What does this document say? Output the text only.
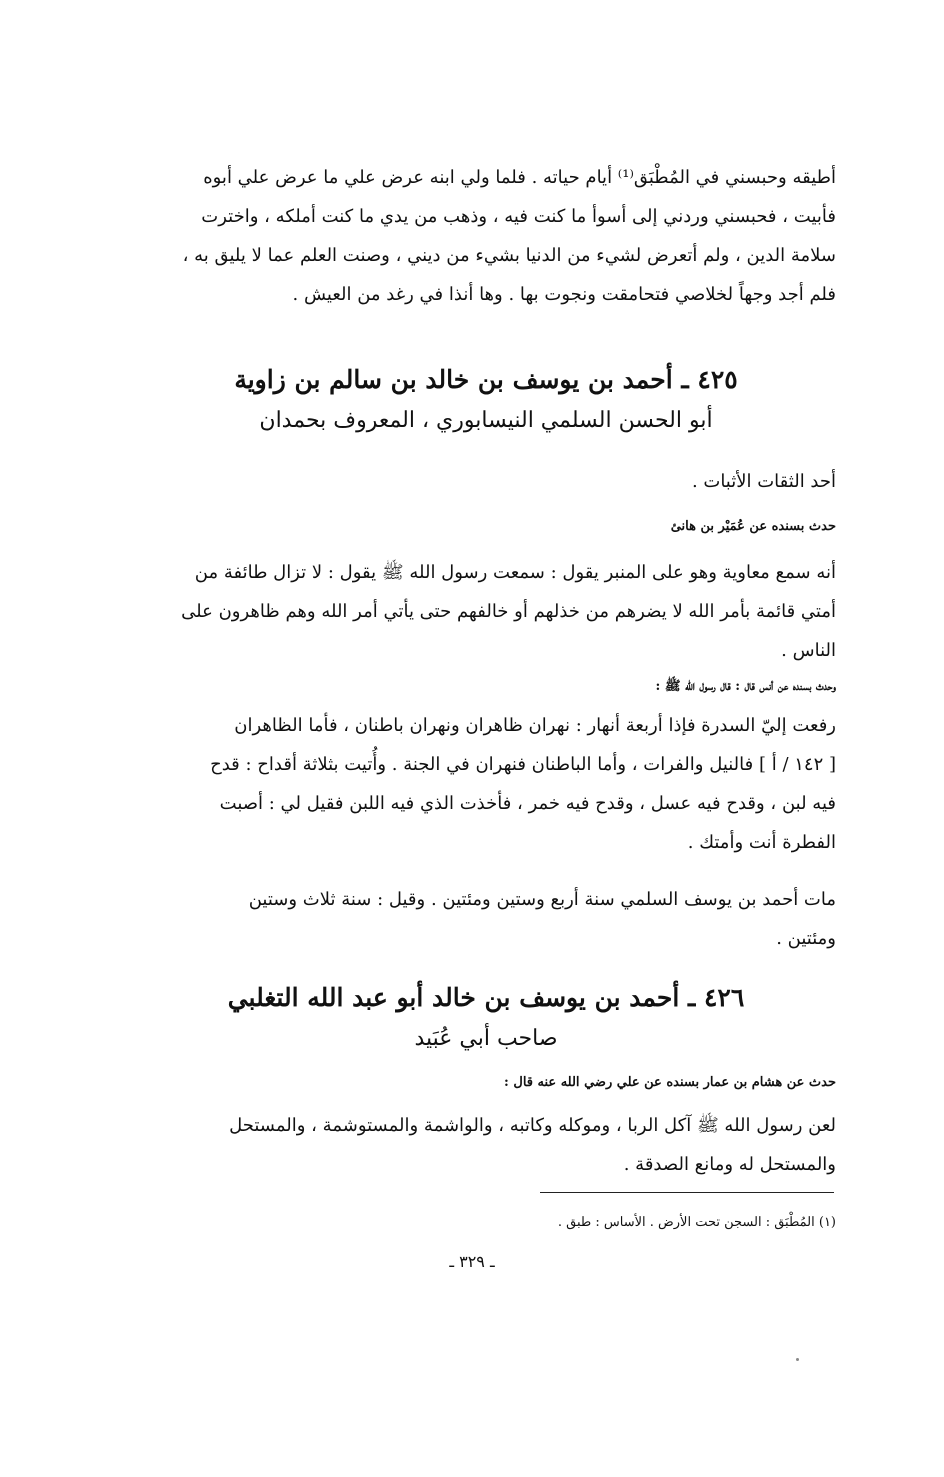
أطيقه وحبسني في المُطْبَق⁽¹⁾ أيام حياته . فلما ولي ابنه عرض علي ما عرض علي أبوه
فأبيت ، فحبسني وردني إلى أسوأ ما كنت فيه ، وذهب من يدي ما كنت أملكه ، واخترت
سلامة الدين ، ولم أتعرض لشيء من الدنيا بشيء من ديني ، وصنت العلم عما لا يليق به ،
فلم أجد وجهاً لخلاصي فتحامقت ونجوت بها . وها أنذا في رغد من العيش .
٤٢٥ ـ أحمد بن يوسف بن خالد بن سالم بن زاوية
أبو الحسن السلمي النيسابوري ، المعروف بحمدان
أحد الثقات الأثبات .
حدث بسنده عن عُمَيْر بن هانئ
أنه سمع معاوية وهو على المنبر يقول : سمعت رسول الله ﷺ يقول : لا تزال طائفة من
أمتي قائمة بأمر الله لا يضرهم من خذلهم أو خالفهم حتى يأتي أمر الله وهم ظاهرون على الناس .
وحدث بسنده عن أنس قال : قال رسول الله ﷺ :
رفعت إليّ السدرة فإذا أربعة أنهار : نهران ظاهران ونهران باطنان ، فأما الظاهران
[ ١٤٢ / أ ] فالنيل والفرات ، وأما الباطنان فنهران في الجنة . وأُتيت بثلاثة أقداح : قدح
فيه لبن ، وقدح فيه عسل ، وقدح فيه خمر ، فأخذت الذي فيه اللبن فقيل لي : أصبت
الفطرة أنت وأمتك .
مات أحمد بن يوسف السلمي سنة أربع وستين ومئتين . وقيل : سنة ثلاث وستين
ومئتين .
٤٢٦ ـ أحمد بن يوسف بن خالد أبو عبد الله التغلبي
صاحب أبي عُبَيد
حدث عن هشام بن عمار بسنده عن علي رضي الله عنه قال :
لعن رسول الله ﷺ آكل الربا ، وموكله وكاتبه ، والواشمة والمستوشمة ، والمستحل
والمستحل له ومانع الصدقة .
(١) المُطْبَق : السجن تحت الأرض . الأساس : طبق .
ـ ٣٢٩ ـ
